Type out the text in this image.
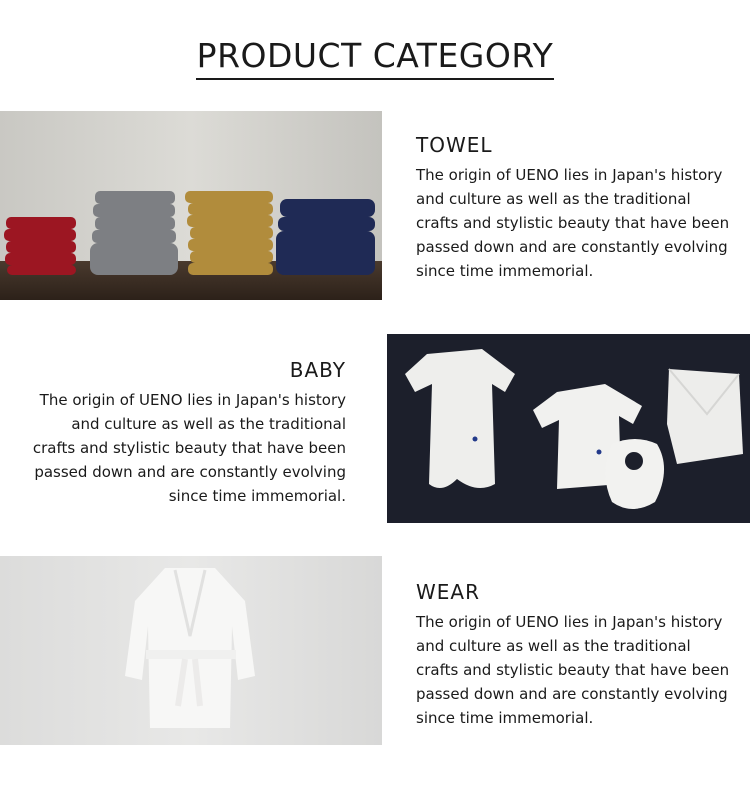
PRODUCT CATEGORY
TOWEL

The origin of UENO lies in Japan's history and culture as well as the traditional crafts and stylistic beauty that have been passed down and are constantly evolving since time immemorial.

BABY

The origin of UENO lies in Japan's history and culture as well as the traditional crafts and stylistic beauty that have been passed down and are constantly evolving since time immemorial.

WEAR

The origin of UENO lies in Japan's history and culture as well as the traditional crafts and stylistic beauty that have been passed down and are constantly evolving since time immemorial.
